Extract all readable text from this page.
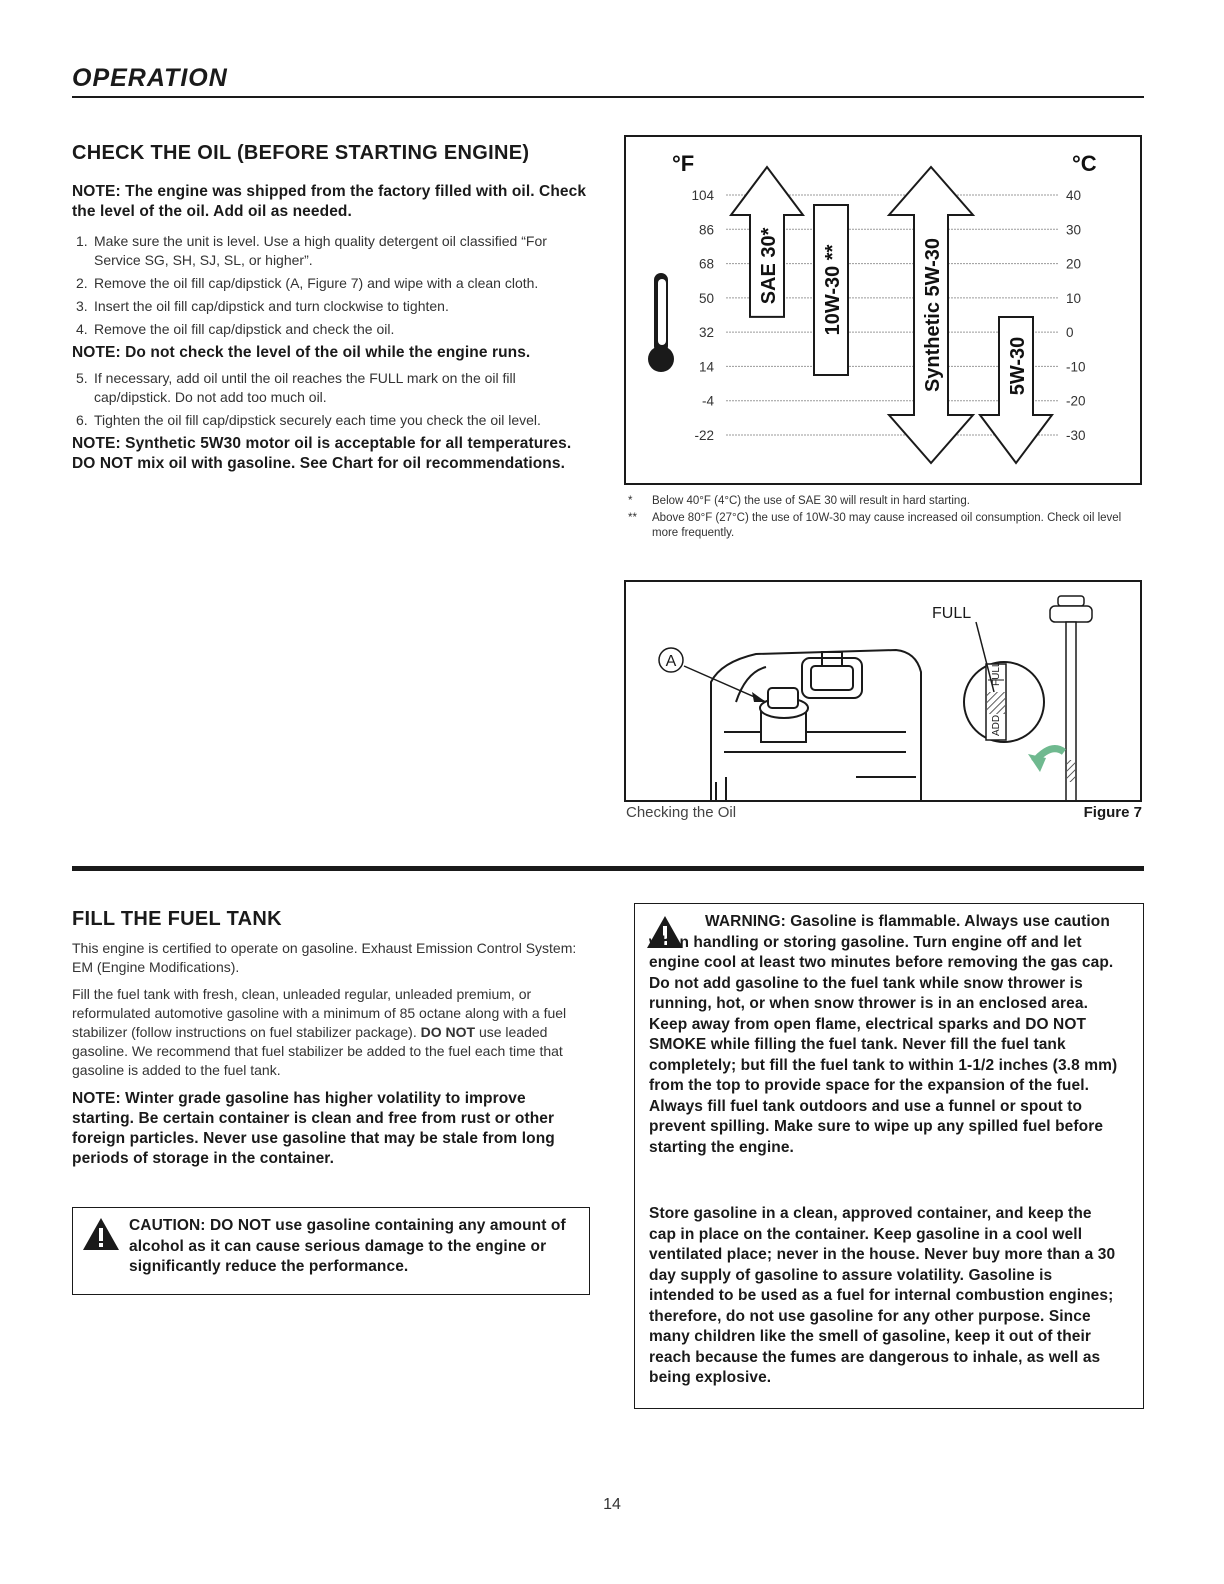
OPERATION
CHECK THE OIL (BEFORE STARTING ENGINE)

NOTE: The engine was shipped from the factory filled with oil. Check the level of the oil. Add oil as needed.

1. Make sure the unit is level. Use a high quality detergent oil classified “For Service SG, SH, SJ, SL, or higher”.
2. Remove the oil fill cap/dipstick (A, Figure 7) and wipe with a clean cloth.
3. Insert the oil fill cap/dipstick and turn clockwise to tighten.
4. Remove the oil fill cap/dipstick and check the oil.

NOTE: Do not check the level of the oil while the engine runs.

5. If necessary, add oil until the oil reaches the FULL mark on the oil fill cap/dipstick. Do not add too much oil.
6. Tighten the oil fill cap/dipstick securely each time you check the oil level.

NOTE: Synthetic 5W30 motor oil is acceptable for all temperatures. DO NOT mix oil with gasoline. See Chart for oil recommendations.

°F	°C
104	40
86	30
68	20
50	10
32	0
14	-10
-4	-20
-22	-30
SAE 30* 10W-30 **	Synthetic 5W-30	5W-30
* Below 40°F (4°C) the use of SAE 30 will result in hard starting.

** Above 80°F (27°C) the use of 10W-30 may cause increased oil consumption. Check oil level more frequently.

A
FULL
ADD
FULL
Checking the Oil	Figure 7
FILL THE FUEL TANK

This engine is certified to operate on gasoline. Exhaust Emission Control System: EM (Engine Modifications).

Fill the fuel tank with fresh, clean, unleaded regular, unleaded premium, or reformulated automotive gasoline with a minimum of 85 octane along with a fuel stabilizer (follow instructions on fuel stabilizer package). DO NOT use leaded gasoline. We recommend that fuel stabilizer be added to the fuel each time that gasoline is added to the fuel tank.

NOTE: Winter grade gasoline has higher volatility to improve starting. Be certain container is clean and free from rust or other foreign particles. Never use gasoline that may be stale from long periods of storage in the container.

CAUTION: DO NOT use gasoline containing any amount of alcohol as it can cause serious damage to the engine or significantly reduce the performance.

WARNING: Gasoline is flammable. Always use caution when handling or storing gasoline. Turn engine off and let engine cool at least two minutes before removing the gas cap. Do not add gasoline to the fuel tank while snow thrower is running, hot, or when snow thrower is in an enclosed area. Keep away from open flame, electrical sparks and DO NOT SMOKE while filling the fuel tank. Never fill the fuel tank completely; but fill the fuel tank to within 1-1/2 inches (3.8 mm) from the top to provide space for the expansion of the fuel. Always fill fuel tank outdoors and use a funnel or spout to prevent spilling. Make sure to wipe up any spilled fuel before starting the engine.

Store gasoline in a clean, approved container, and keep the cap in place on the container. Keep gasoline in a cool well ventilated place; never in the house. Never buy more than a 30 day supply of gasoline to assure volatility. Gasoline is intended to be used as a fuel for internal combustion engines; therefore, do not use gasoline for any other purpose. Since many children like the smell of gasoline, keep it out of their reach because the fumes are dangerous to inhale, as well as being explosive.

14
